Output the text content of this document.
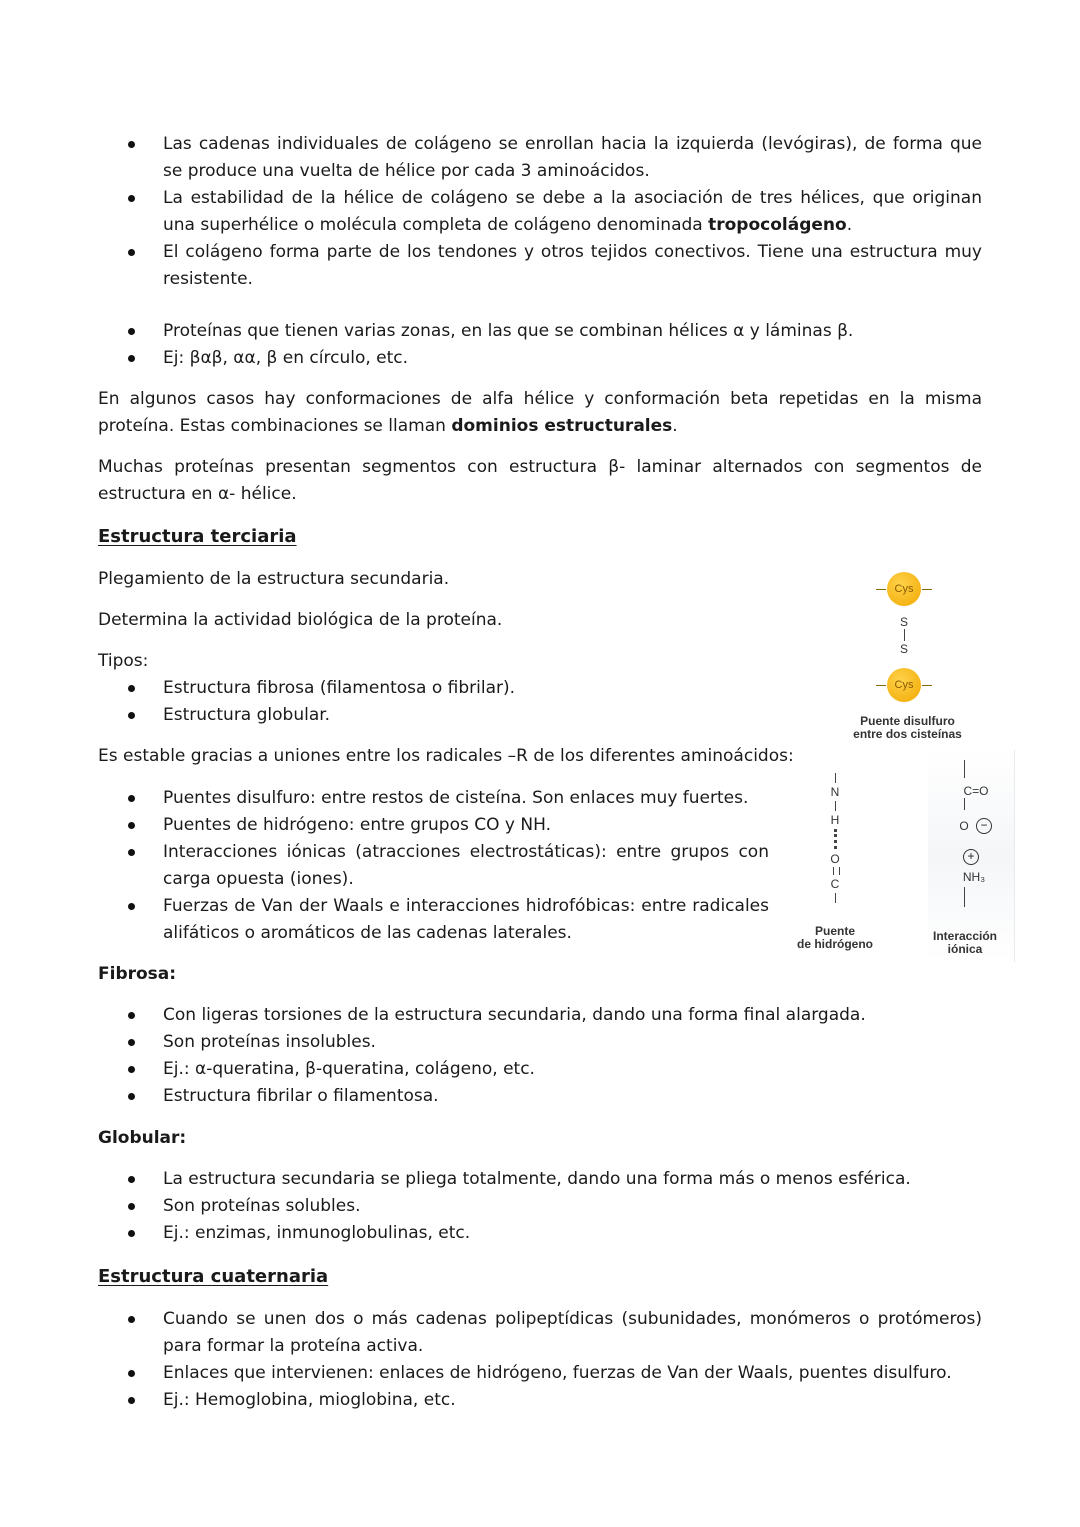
Las cadenas individuales de colágeno se enrollan hacia la izquierda (levógiras), de forma que se produce una vuelta de hélice por cada 3 aminoácidos.
La estabilidad de la hélice de colágeno se debe a la asociación de tres hélices, que originan una superhélice o molécula completa de colágeno denominada tropocolágeno.
El colágeno forma parte de los tendones y otros tejidos conectivos. Tiene una estructura muy resistente.
Proteínas que tienen varias zonas, en las que se combinan hélices α y láminas β.
Ej: βαβ, αα, β en círculo, etc.

En algunos casos hay conformaciones de alfa hélice y conformación beta repetidas en la misma proteína. Estas combinaciones se llaman dominios estructurales.

Muchas proteínas presentan segmentos con estructura β- laminar alternados con segmentos de estructura en α- hélice.

Estructura terciaria
Plegamiento de la estructura secundaria.
Determina la actividad biológica de la proteína.
Tipos:
Estructura fibrosa (filamentosa o fibrilar).
Estructura globular.
Es estable gracias a uniones entre los radicales –R de los diferentes aminoácidos:
Puentes disulfuro: entre restos de cisteína. Son enlaces muy fuertes.
Puentes de hidrógeno: entre grupos CO y NH.
Interacciones iónicas (atracciones electrostáticas): entre grupos con carga opuesta (iones).
Fuerzas de Van der Waals e interacciones hidrofóbicas: entre radicales alifáticos o aromáticos de las cadenas laterales.
Cys
S
S
Cys
Puente disulfuro
entre dos cisteínas
N
H
O
C
Puente
de hidrógeno
C=O
O −
+
NH₃
Interacción
iónica
Fibrosa:
Con ligeras torsiones de la estructura secundaria, dando una forma final alargada.
Son proteínas insolubles.
Ej.: α-queratina, β-queratina, colágeno, etc.
Estructura fibrilar o filamentosa.
Globular:
La estructura secundaria se pliega totalmente, dando una forma más o menos esférica.
Son proteínas solubles.
Ej.: enzimas, inmunoglobulinas, etc.
Estructura cuaternaria
Cuando se unen dos o más cadenas polipeptídicas (subunidades, monómeros o protómeros) para formar la proteína activa.
Enlaces que intervienen: enlaces de hidrógeno, fuerzas de Van der Waals, puentes disulfuro.
Ej.: Hemoglobina, mioglobina, etc.
